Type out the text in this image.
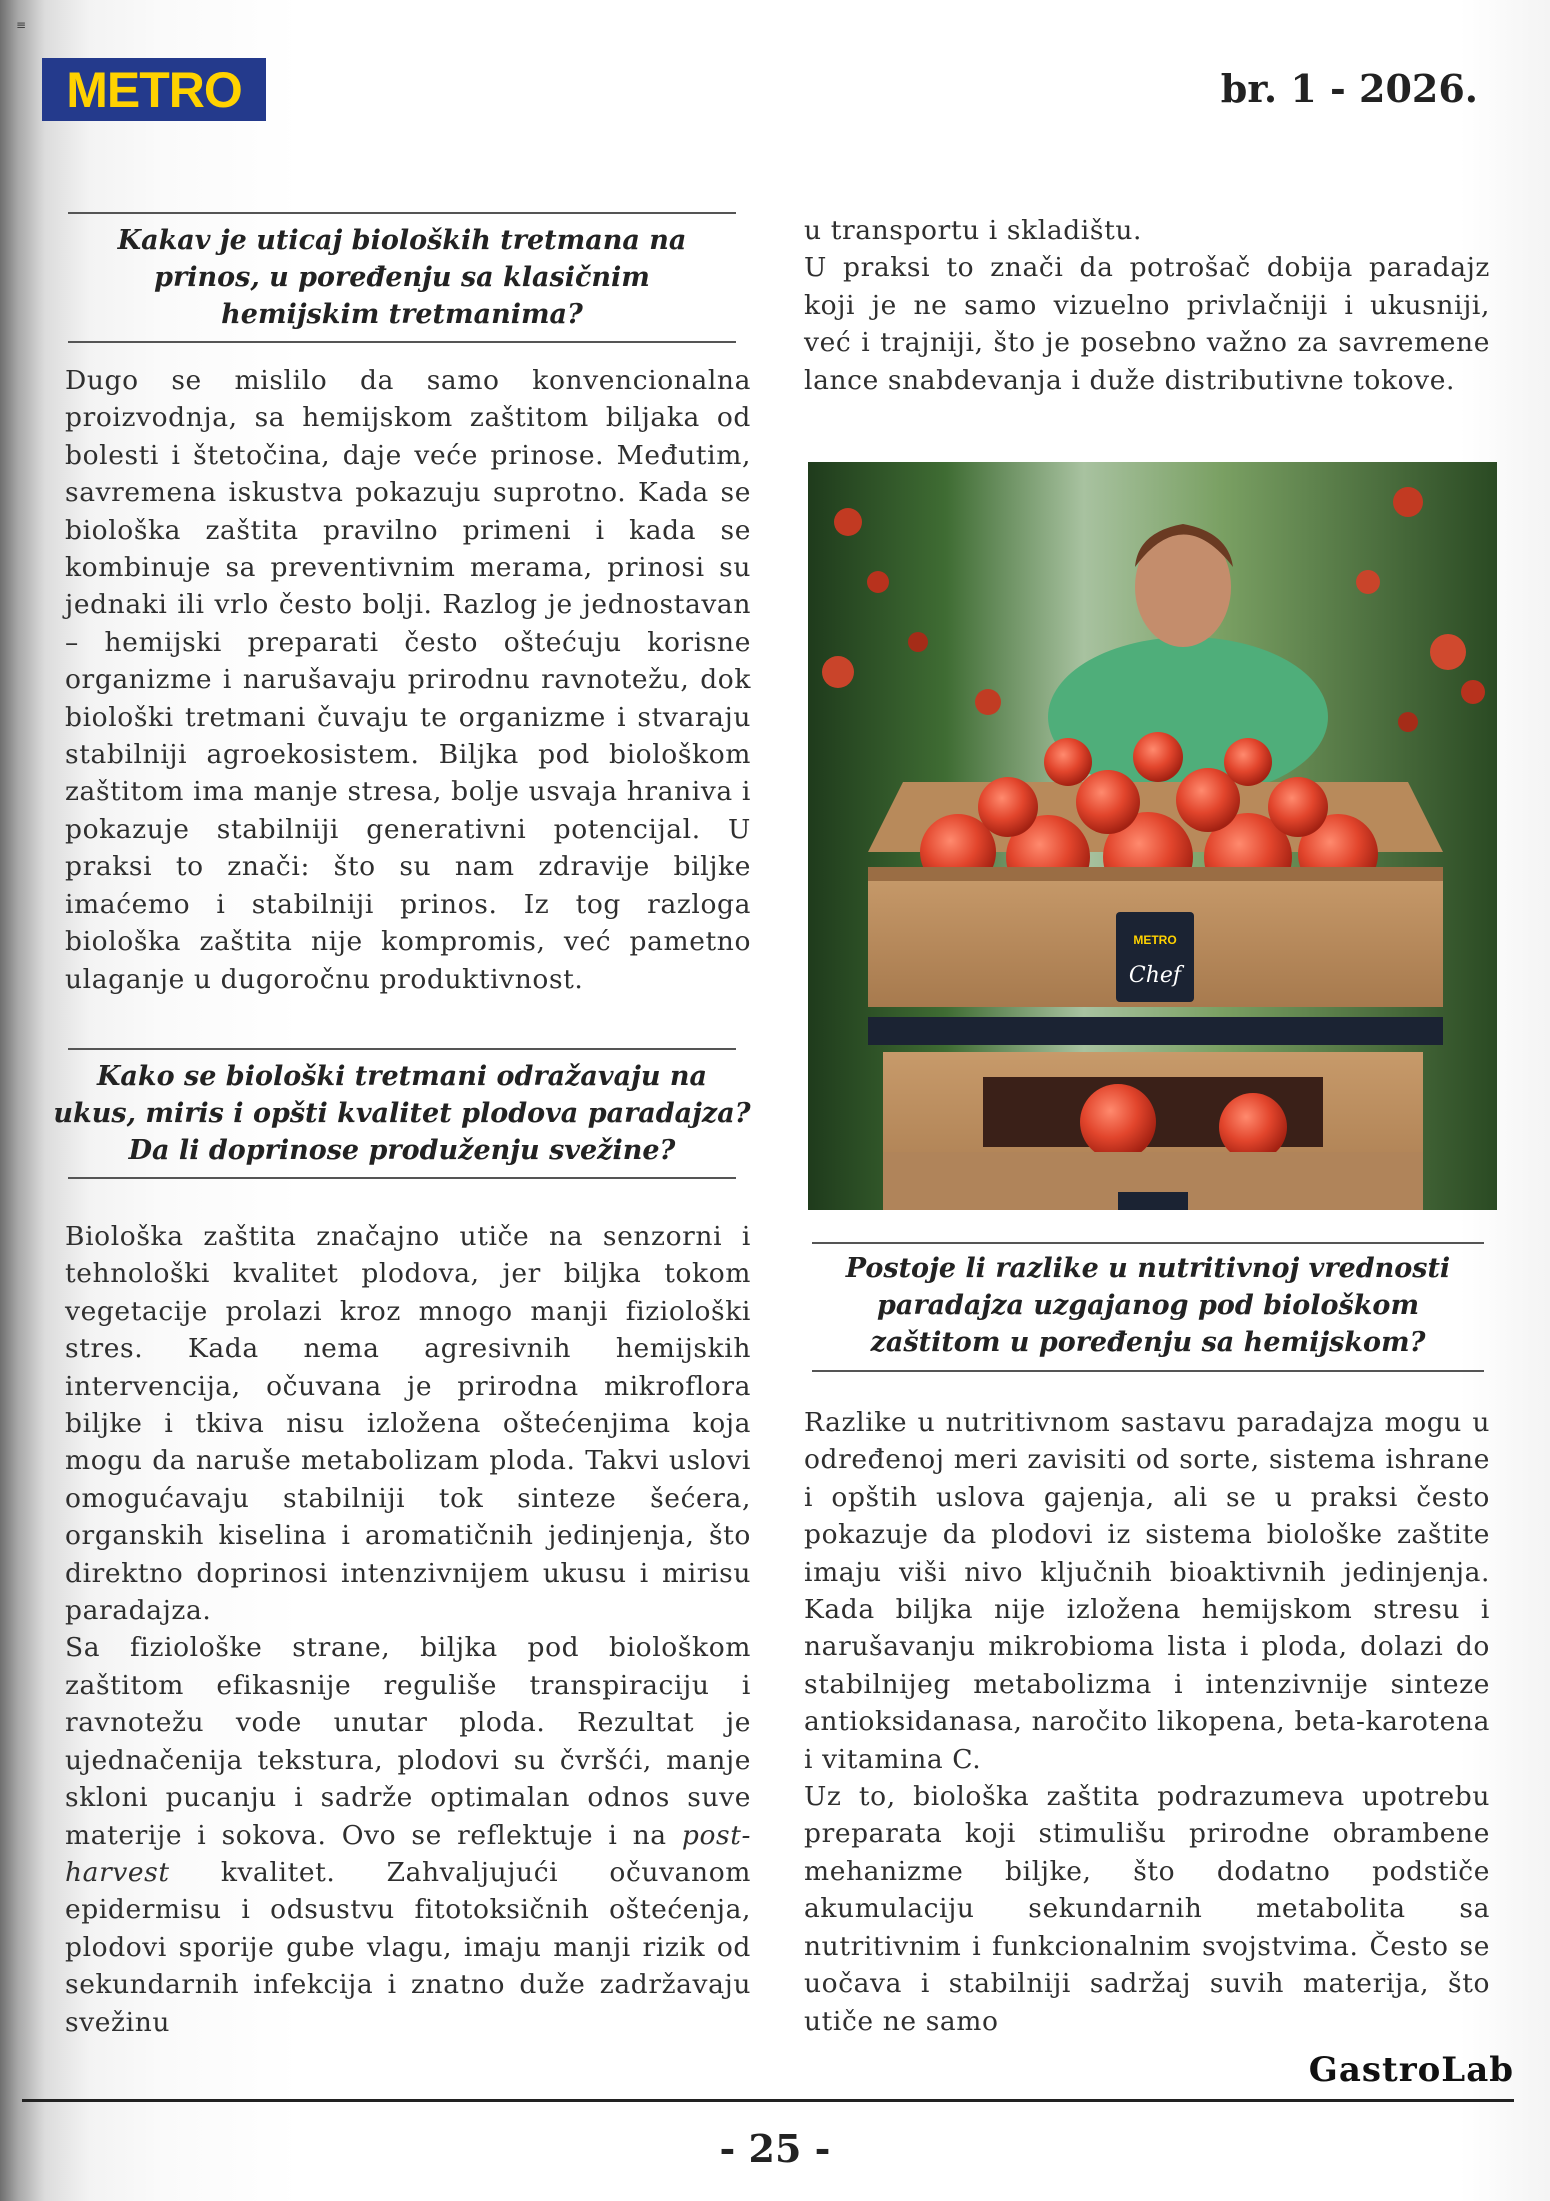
≡
METRO	br. 1 - 2026.
Kakav je uticaj bioloških tretmana na
prinos, u poređenju sa klasičnim
hemijskim tretmanima?

Dugo se mislilo da samo konvencionalna proizvodnja, sa hemijskom zaštitom biljaka od bolesti i štetočina, daje veće prinose. Međutim, savremena iskustva pokazuju suprotno. Kada se biološka zaštita pravilno primeni i kada se kombinuje sa preventivnim merama, prinosi su jednaki ili vrlo često bolji. Razlog je jednostavan – hemijski preparati često oštećuju korisne organizme i narušavaju prirodnu ravnotežu, dok biološki tretmani čuvaju te organizme i stvaraju stabilniji agroekosistem. Biljka pod biološkom zaštitom ima manje stresa, bolje usvaja hraniva i pokazuje stabilniji generativni potencijal. U praksi to znači: što su nam zdravije biljke imaćemo i stabilniji prinos. Iz tog razloga biološka zaštita nije kompromis, već pametno ulaganje u dugoročnu produktivnost.

Kako se biološki tretmani odražavaju na
ukus, miris i opšti kvalitet plodova paradajza?
Da li doprinose produženju svežine?

Biološka zaštita značajno utiče na senzorni i tehnološki kvalitet plodova, jer biljka tokom vegetacije prolazi kroz mnogo manji fiziološki stres. Kada nema agresivnih hemijskih intervencija, očuvana je prirodna mikroflora biljke i tkiva nisu izložena oštećenjima koja mogu da naruše metabolizam ploda. Takvi uslovi omogućavaju stabilniji tok sinteze šećera, organskih kiselina i aromatičnih jedinjenja, što direktno doprinosi intenzivnijem ukusu i mirisu paradajza.

Sa fiziološke strane, biljka pod biološkom zaštitom efikasnije reguliše transpiraciju i ravnotežu vode unutar ploda. Rezultat je ujednačenija tekstura, plodovi su čvršći, manje skloni pucanju i sadrže optimalan odnos suve materije i sokova. Ovo se reflektuje i na post-harvest kvalitet. Zahvaljujući očuvanom epidermisu i odsustvu fitotoksičnih oštećenja, plodovi sporije gube vlagu, imaju manji rizik od sekundarnih infekcija i znatno duže zadržavaju svežinu

u transportu i skladištu.

U praksi to znači da potrošač dobija paradajz koji je ne samo vizuelno privlačniji i ukusniji, već i trajniji, što je posebno važno za savremene lance snabdevanja i duže distributivne tokove.

METRO
Chef
Postoje li razlike u nutritivnoj vrednosti
paradajza uzgajanog pod biološkom
zaštitom u poređenju sa hemijskom?

Razlike u nutritivnom sastavu paradajza mogu u određenoj meri zavisiti od sorte, sistema ishrane i opštih uslova gajenja, ali se u praksi često pokazuje da plodovi iz sistema biološke zaštite imaju viši nivo ključnih bioaktivnih jedinjenja. Kada biljka nije izložena hemijskom stresu i narušavanju mikrobioma lista i ploda, dolazi do stabilnijeg metabolizma i intenzivnije sinteze antioksidanasa, naročito likopena, beta-karotena i vitamina C.

Uz to, biološka zaštita podrazumeva upotrebu preparata koji stimulišu prirodne obrambene mehanizme biljke, što dodatno podstiče akumulaciju sekundarnih metabolita sa nutritivnim i funkcionalnim svojstvima. Često se uočava i stabilniji sadržaj suvih materija, što utiče ne samo

GastroLab
- 25 -
